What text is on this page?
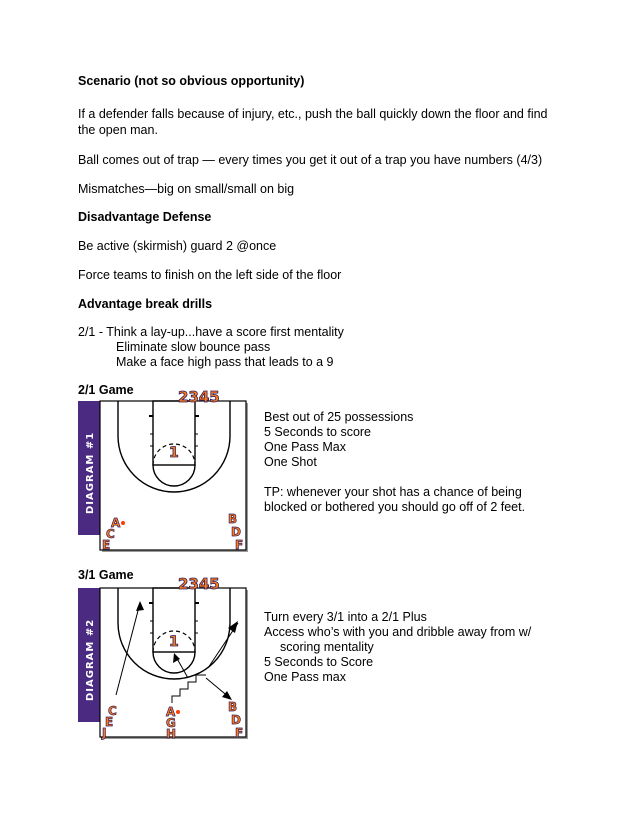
Scenario (not so obvious opportunity)
If a defender falls because of injury, etc., push the ball quickly down the floor and find
the open man.
Ball comes out of trap — every times you get it out of a trap you have numbers (4/3)
Mismatches—big on small/small on big
Disadvantage Defense
Be active (skirmish) guard 2 @once
Force teams to finish on the left side of the floor
Advantage break drills
2/1 - Think a lay-up...have a score first mentality
Eliminate slow bounce pass
Make a face high pass that leads to a 9
2/1 Game
DIAGRAM #1
2345
1
A
C
E
B
D
F
Best out of 25 possessions
5 Seconds to score
One Pass Max
One Shot
TP: whenever your shot has a chance of being
blocked or bothered you should go off of 2 feet.
3/1 Game
DIAGRAM #2
2345
1
C
E
J
A
G
H
B
D
F
Turn every 3/1 into a 2/1 Plus
Access who’s with you and dribble away from w/
scoring mentality
5 Seconds to Score
One Pass max
